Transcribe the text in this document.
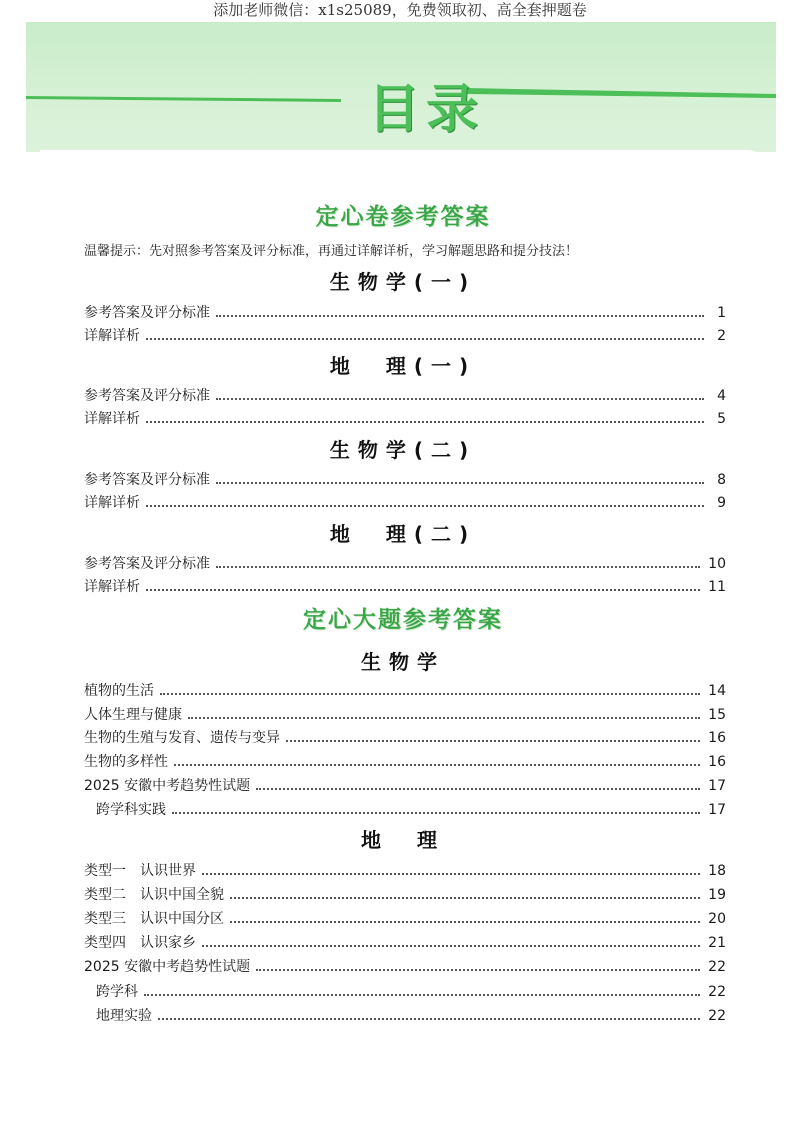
添加老师微信：x1s25089，免费领取初、高全套押题卷
目录
定心卷参考答案
温馨提示：先对照参考答案及评分标准，再通过详解详析，学习解题思路和提分技法！
生物学(一)
参考答案及评分标准	1
详解详析	2
地　理(一)
参考答案及评分标准	4
详解详析	5
生物学(二)
参考答案及评分标准	8
详解详析	9
地　理(二)
参考答案及评分标准	10
详解详析	11
定心大题参考答案
生物学
植物的生活	14
人体生理与健康	15
生物的生殖与发育、遗传与变异	16
生物的多样性	16
2025 安徽中考趋势性试题	17
跨学科实践	17
地　理
类型一　认识世界	18
类型二　认识中国全貌	19
类型三　认识中国分区	20
类型四　认识家乡	21
2025 安徽中考趋势性试题	22
跨学科	22
地理实验	22
